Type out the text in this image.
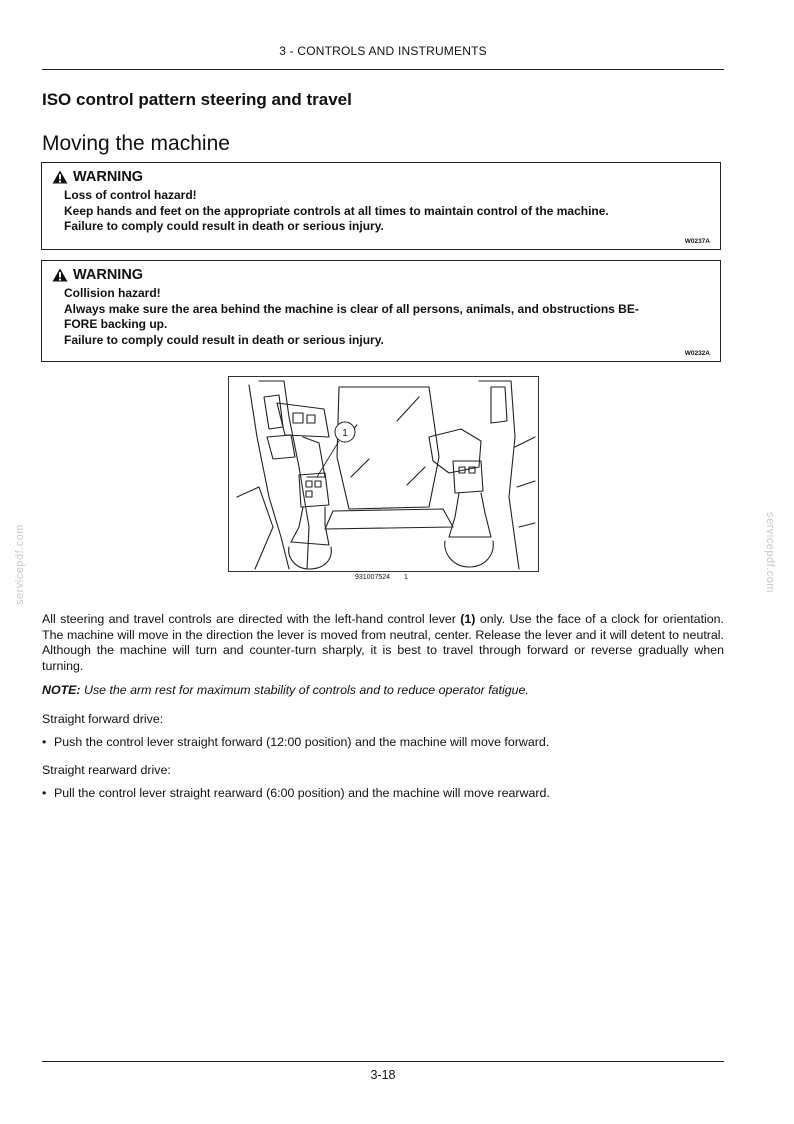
3 - CONTROLS AND INSTRUMENTS
ISO control pattern steering and travel
Moving the machine
WARNING
Loss of control hazard!
Keep hands and feet on the appropriate controls at all times to maintain control of the machine.
Failure to comply could result in death or serious injury.
W0237A
WARNING
Collision hazard!
Always make sure the area behind the machine is clear of all persons, animals, and obstructions BE-
FORE backing up.
Failure to comply could result in death or serious injury.
W0232A
1
931007524 1
servicepdf.com	servicepdf.com
All steering and travel controls are directed with the left-hand control lever (1) only. Use the face of a clock for orientation. The machine will move in the direction the lever is moved from neutral, center. Release the lever and it will detent to neutral. Although the machine will turn and counter-turn sharply, it is best to travel through forward or reverse gradually when turning.
NOTE: Use the arm rest for maximum stability of controls and to reduce operator fatigue.
Straight forward drive:
• Push the control lever straight forward (12:00 position) and the machine will move forward.
Straight rearward drive:
• Pull the control lever straight rearward (6:00 position) and the machine will move rearward.
3-18
